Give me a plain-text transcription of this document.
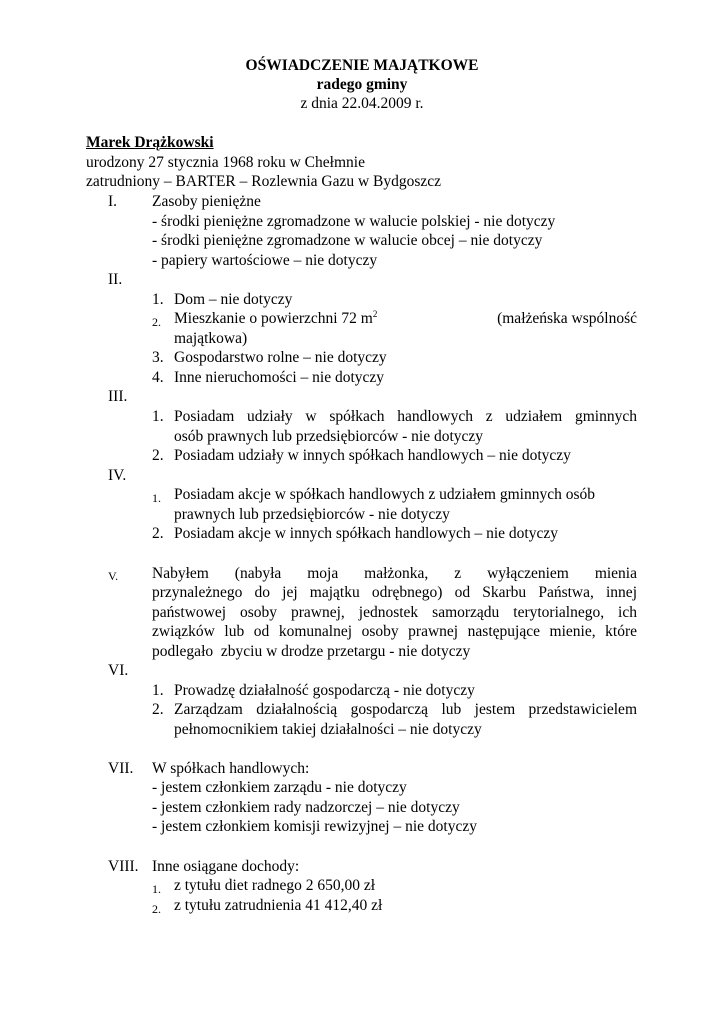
OŚWIADCZENIE MAJĄTKOWE
radego gminy
z dnia 22.04.2009 r.
Marek Drążkowski
urodzony 27 stycznia 1968 roku w Chełmnie
zatrudniony – BARTER – Rozlewnia Gazu w Bydgoszcz
I. Zasoby pieniężne
- środki pieniężne zgromadzone w walucie polskiej - nie dotyczy
- środki pieniężne zgromadzone w walucie obcej – nie dotyczy
- papiery wartościowe – nie dotyczy
II.
1. Dom – nie dotyczy
2. Mieszkanie o powierzchni 72 $m^2$	(małżeńska wspólność
majątkowa)
3. Gospodarstwo rolne – nie dotyczy
4. Inne nieruchomości – nie dotyczy
III.
1. Posiadam udziały w spółkach handlowych z udziałem gminnych
osób prawnych lub przedsiębiorców - nie dotyczy
2. Posiadam udziały w innych spółkach handlowych – nie dotyczy
IV.
1. Posiadam akcje w spółkach handlowych z udziałem gminnych osób
prawnych lub przedsiębiorców - nie dotyczy
2. Posiadam akcje w innych spółkach handlowych – nie dotyczy
V. Nabyłem (nabyła moja małżonka, z wyłączeniem mienia
przynależnego do jej majątku odrębnego) od Skarbu Państwa, innej
państwowej osoby prawnej, jednostek samorządu terytorialnego, ich
związków lub od komunalnej osoby prawnej następujące mienie, które
podlegało  zbyciu w drodze przetargu - nie dotyczy
VI.
1. Prowadzę działalność gospodarczą - nie dotyczy
2. Zarządzam działalnością gospodarczą lub jestem przedstawicielem
pełnomocnikiem takiej działalności – nie dotyczy
VII. W spółkach handlowych:
- jestem członkiem zarządu - nie dotyczy
- jestem członkiem rady nadzorczej – nie dotyczy
- jestem członkiem komisji rewizyjnej – nie dotyczy
VIII. Inne osiągane dochody:
1. z tytułu diet radnego 2 650,00 zł
2. z tytułu zatrudnienia 41 412,40 zł
